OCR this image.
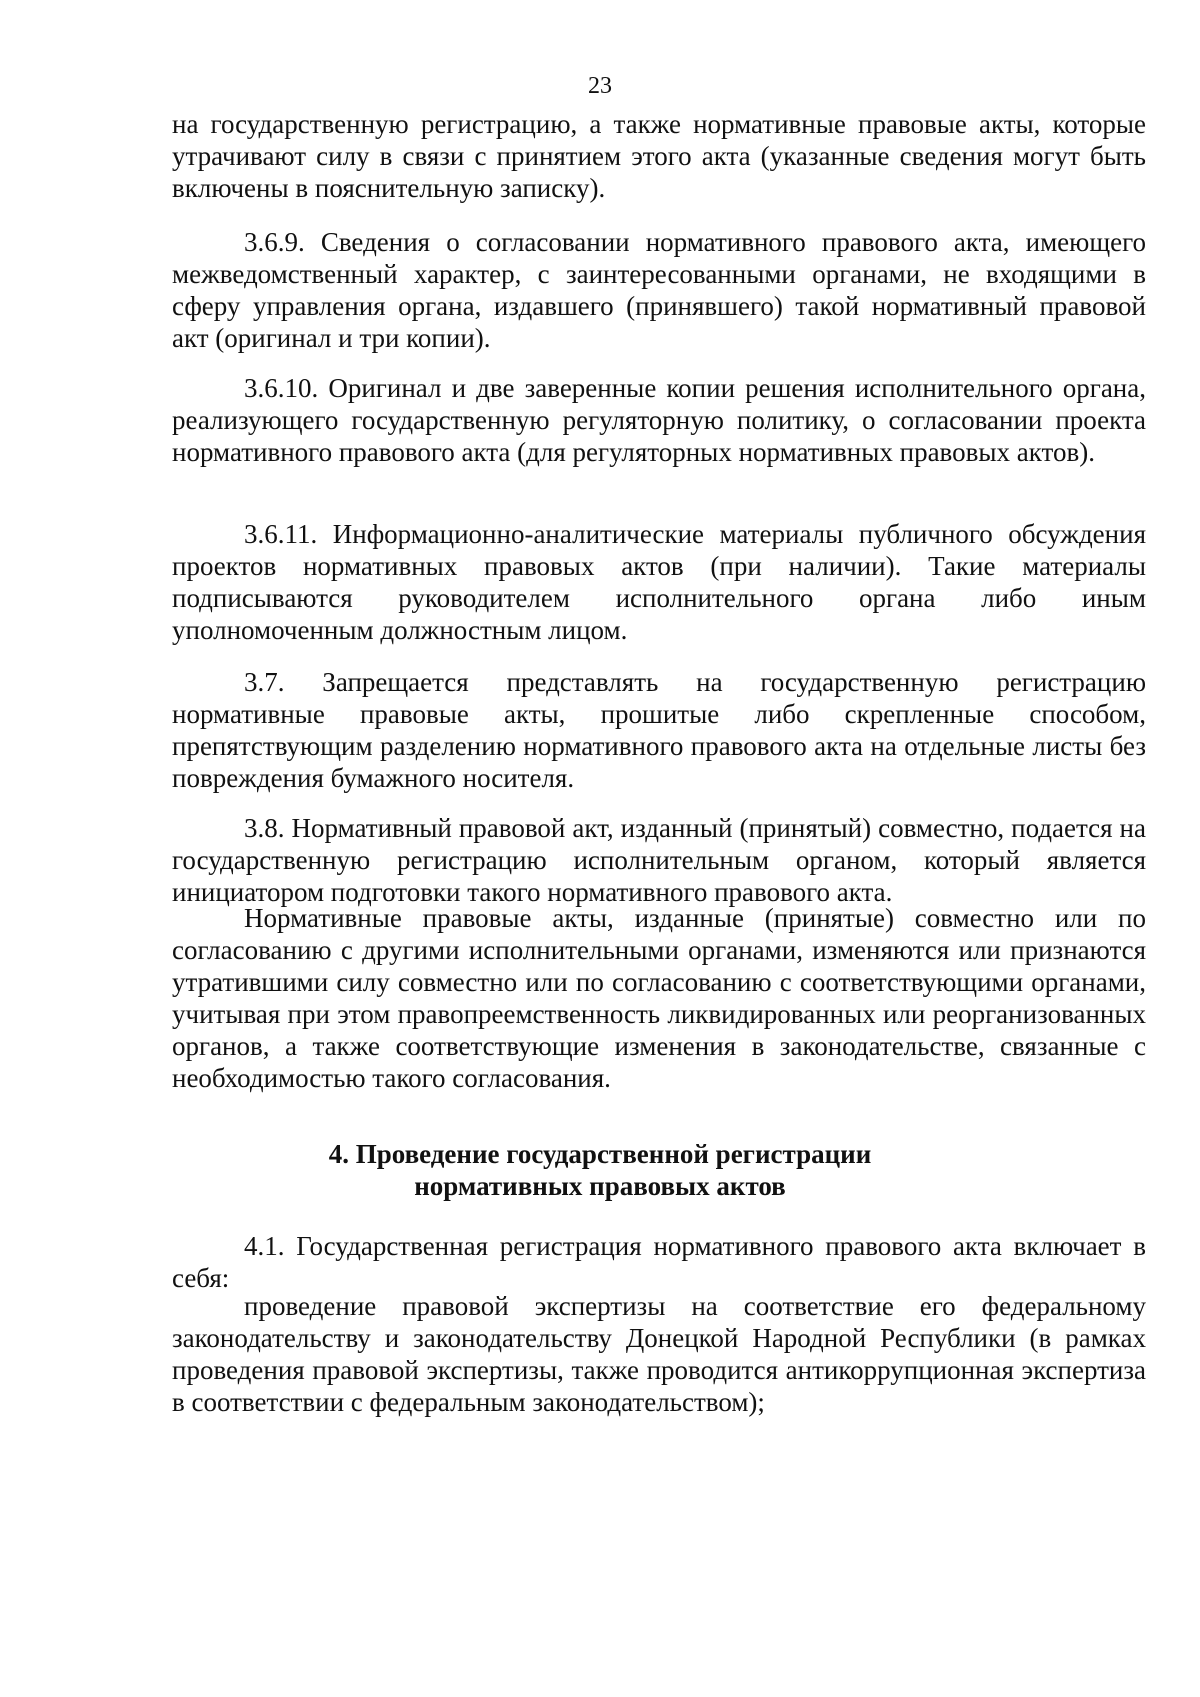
23
на государственную регистрацию, а также нормативные правовые акты, которые утрачивают силу в связи с принятием этого акта (указанные сведения могут быть включены в пояснительную записку).
3.6.9. Сведения о согласовании нормативного правового акта, имеющего межведомственный характер, с заинтересованными органами, не входящими в сферу управления органа, издавшего (принявшего) такой нормативный правовой акт (оригинал и три копии).
3.6.10. Оригинал и две заверенные копии решения исполнительного органа, реализующего государственную регуляторную политику, о согласовании проекта нормативного правового акта (для регуляторных нормативных правовых актов).
3.6.11. Информационно-аналитические материалы публичного обсуждения проектов нормативных правовых актов (при наличии). Такие материалы подписываются руководителем исполнительного органа либо иным уполномоченным должностным лицом.
3.7. Запрещается представлять на государственную регистрацию нормативные правовые акты, прошитые либо скрепленные способом, препятствующим разделению нормативного правового акта на отдельные листы без повреждения бумажного носителя.
3.8. Нормативный правовой акт, изданный (принятый) совместно, подается на государственную регистрацию исполнительным органом, который является инициатором подготовки такого нормативного правового акта.
Нормативные правовые акты, изданные (принятые) совместно или по согласованию с другими исполнительными органами, изменяются или признаются утратившими силу совместно или по согласованию с соответствующими органами, учитывая при этом правопреемственность ликвидированных или реорганизованных органов, а также соответствующие изменения в законодательстве, связанные с необходимостью такого согласования.
4. Проведение государственной регистрации
нормативных правовых актов
4.1. Государственная регистрация нормативного правового акта включает в себя:
проведение правовой экспертизы на соответствие его федеральному законодательству и законодательству Донецкой Народной Республики (в рамках проведения правовой экспертизы, также проводится антикоррупционная экспертиза в соответствии с федеральным законодательством);
